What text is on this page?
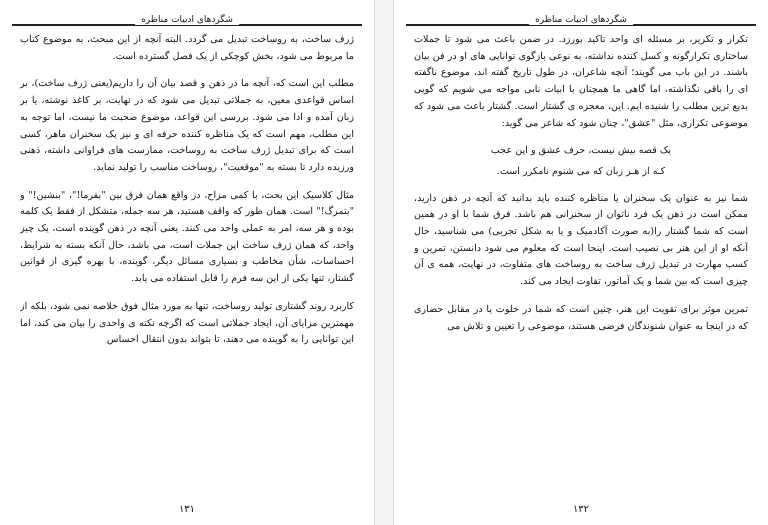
شگردهای ادبیات مناظره

ژرف ساخت، به روساخت تبدیل می گردد. البته آنچه از این مبحث، به موضوع کتاب ما مربوط می شود، بخش کوچکی از یک فصل گسترده است.

مطلب این است که، آنچه ما در ذهن و قصد بیان آن را داریم(یعنی ژرف ساخت)، بر اساس قواعدی معین، به جملاتی تبدیل می شود که در نهایت، بر کاغذ نوشته، یا بر زبان آمده و ادا می شود. بررسی این قواعد، موضوع صحبت ما نیست، اما توجه به این مطلب، مهم است که یک مناظره کننده حرفه ای و نیز یک سخنران ماهر، کسی است که برای تبدیل ژرف ساخت به روساخت، ممارست های فراوانی داشته، ذهنی ورزیده دارد تا بسته به "موقعیت"، روساخت مناسب را تولید نماید.

مثال کلاسیک این بحث، با کمی مزاح، در واقع همان فرق بین "بفرما!"، "بنشین!" و "بتمرگ!" است. همان طور که واقف هستید، هر سه جمله، متشکل از فقط یک کلمه بوده و هر سه، امر به عملی واحد می کنند. یعنی آنچه در ذهن گوینده است، یک چیز واحد، که همان ژرف ساخت این جملات است، می باشد، حال آنکه بسته به شرایط، احساسات، شأن مخاطب و بسیاری مسائل دیگر، گوینده، با بهره گیری از قوانین گشتار، تنها یکی از این سه فرم را قابل استفاده می یابد.

کاربرد روند گشتاری تولید روساخت، تنها به مورد مثال فوق خلاصه نمی شود، بلکه از مهمترین مزایای آن، ایجاد جملاتی است که اگرچه نکته ی واحدی را بیان می کند، اما این توانایی را به گوینده می دهند، تا بتواند بدون انتقال احساس

۱۳۱
شگردهای ادبیات مناظره

تکرار و تکریر، بر مسئله ای واحد تاکید بورزد. در ضمن باعث می شود تا جملات ساختاری تکرارگونه و کسل کننده نداشته، به نوعی بازگوی توانایی های او در فن بیان باشند. در این باب می گویند؛ آنچه شاعران، در طول تاریخ گفته اند، موضوع ناگفته ای را باقی نگذاشته، اما گاهی ما همچنان با ابیات نابی مواجه می شویم که گویی بدیع ترین مطلب را شنیده ایم. این، معجزه ی گشتار است. گشتار باعث می شود که موضوعی تکراری، مثل "عشق"، چنان شود که شاعر می گوید:

یک قصه بیش نیست، حرف عشق و این عجب
کـه از هـر زبان که می شنوم نامکرر است.

شما نیز به عنوان یک سخنران یا مناظره کننده باید بدانید که آنچه در ذهن دارید، ممکن است در ذهن یک فرد ناتوان از سخنرانی هم باشد. فرق شما با او در همین است که شما گشتار را(به صورت آکادمیک و یا به شکل تجربی) می شناسید، حال آنکه او از این هنر بی نصیب است. اینجا است که معلوم می شود دانستن، تمرین و کسب مهارت در تبدیل ژرف ساخت به روساخت های متفاوت، در نهایت، همه ی آن چیزی است که بین شما و یک آماتور، تفاوت ایجاد می کند.

تمرین موثر برای تقویت این هنر، چنین است که شما در خلوت یا در مقابل حضاری که در اینجا به عنوان شنوندگان فرضی هستند، موضوعی را تعیین و تلاش می

۱۳۲
